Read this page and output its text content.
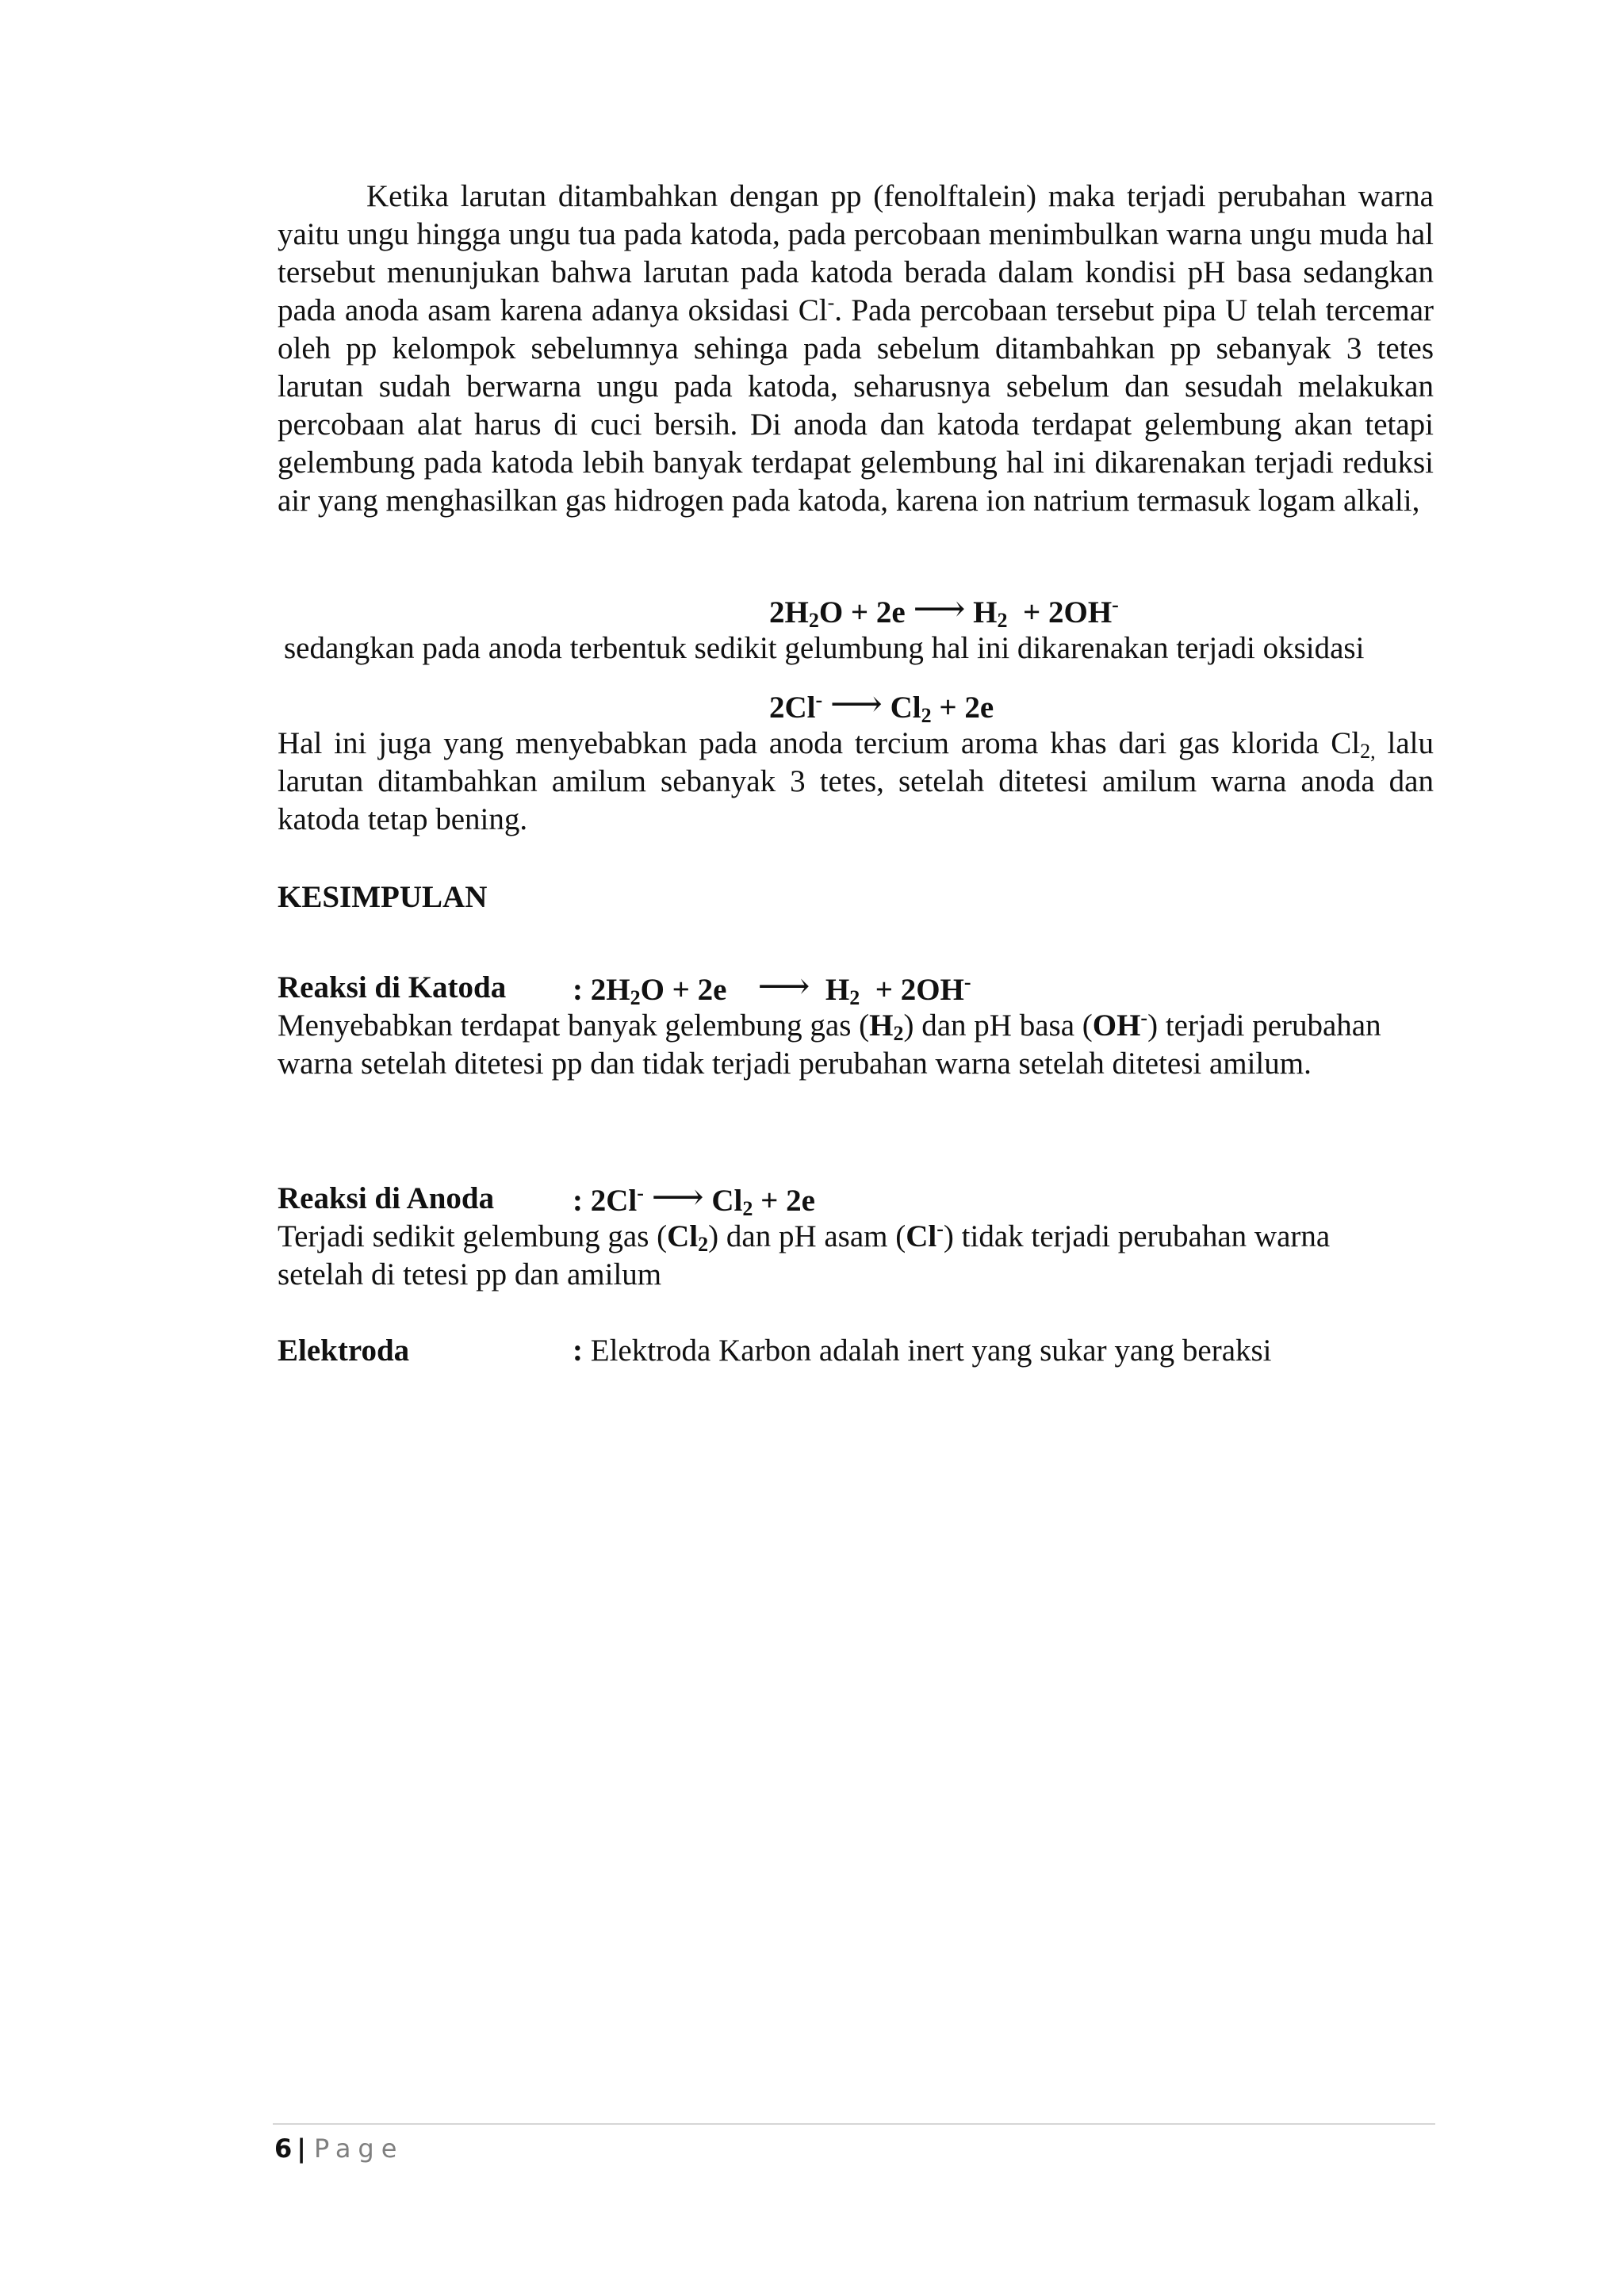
Ketika larutan ditambahkan dengan pp (fenolftalein) maka terjadi perubahan warna yaitu ungu hingga ungu tua pada katoda, pada percobaan menimbulkan warna ungu muda hal tersebut menunjukan bahwa larutan pada katoda berada dalam kondisi pH basa sedangkan pada anoda asam karena adanya oksidasi Cl-. Pada percobaan tersebut pipa U telah tercemar oleh pp kelompok sebelumnya sehinga pada sebelum ditambahkan pp sebanyak 3 tetes larutan sudah berwarna ungu pada katoda, seharusnya sebelum dan sesudah melakukan percobaan alat harus di cuci bersih. Di anoda dan katoda terdapat gelembung akan tetapi gelembung pada katoda lebih banyak terdapat gelembung hal ini dikarenakan terjadi reduksi air yang menghasilkan gas hidrogen pada katoda, karena ion natrium termasuk logam alkali,

$2H_2O + 2e$ ⟶ $H_2 + 2OH^-$

sedangkan pada anoda terbentuk sedikit gelumbung hal ini dikarenakan terjadi oksidasi

2Cl- ⟶ $Cl_2 + 2e$

Hal ini juga yang menyebabkan pada anoda tercium aroma khas dari gas klorida $Cl_{2,}$ lalu larutan ditambahkan amilum sebanyak 3 tetes, setelah ditetesi amilum warna anoda dan katoda tetap bening.

KESIMPULAN
Reaksi di Katoda : $2H_2O + 2e$ ⟶ $H_2 + 2OH^-$

Menyebabkan terdapat banyak gelembung gas $(H_2)$ dan pH basa (OH-) terjadi perubahan warna setelah ditetesi pp dan tidak terjadi perubahan warna setelah ditetesi amilum.

Reaksi di Anoda	: 2Cl- ⟶ $Cl_2 + 2e$

Terjadi sedikit gelembung gas $(Cl_2)$ dan pH asam (Cl-) tidak terjadi perubahan warna setelah di tetesi pp dan amilum

Elektroda	: Elektroda Karbon adalah inert yang sukar yang beraksi
6 | Page
